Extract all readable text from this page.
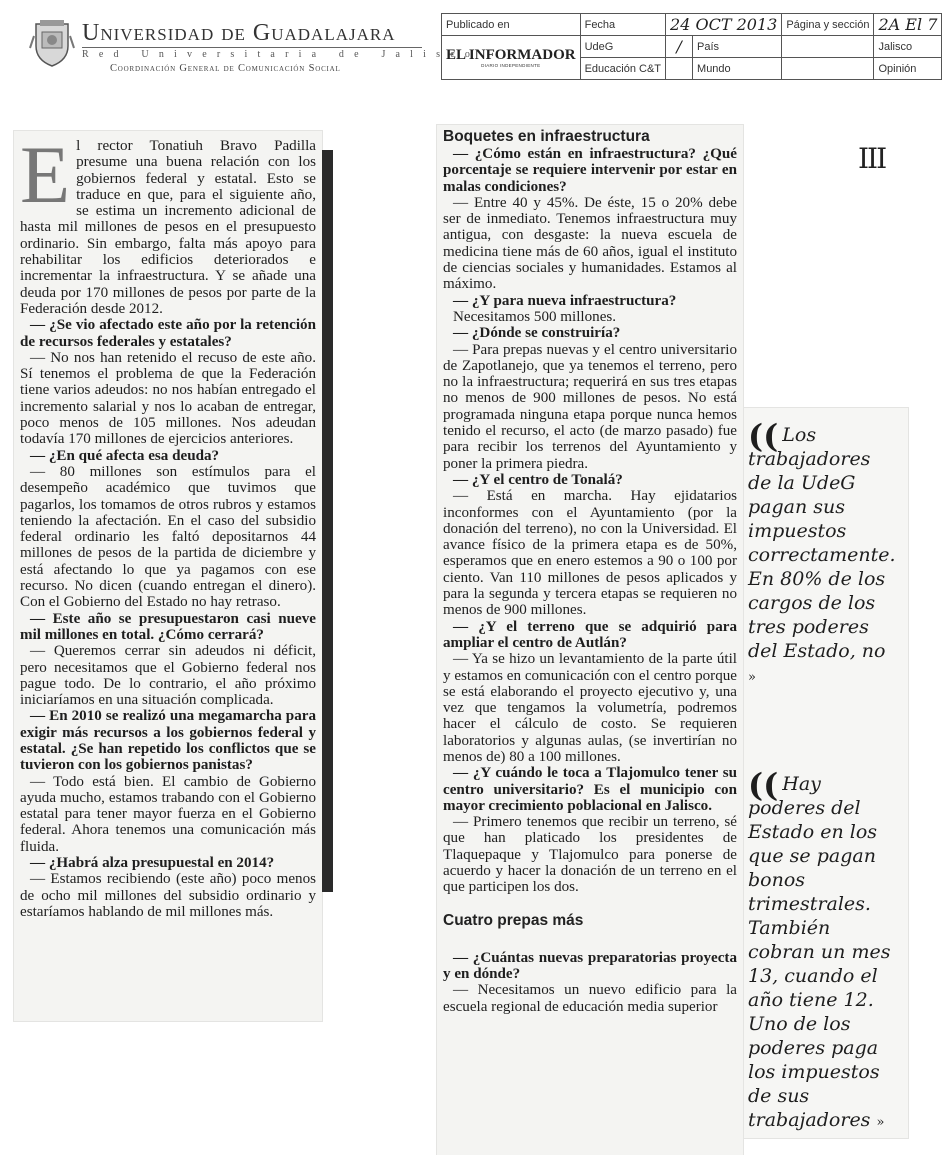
Universidad de Guadalajara
Red Universitaria de Jalisco
Coordinación General de Comunicación Social
Publicado en	Fecha	24 OCT 2013		Página y sección	2A El 7
EL INFORMADOR
DIARIO INDEPENDIENTE	UdeG	/	País		Jalisco
	Educación C&T		Mundo		Opinión
III
E l rector Tonatiuh Bravo Padilla presume una buena relación con los gobiernos federal y estatal. Esto se traduce en que, para el siguiente año, se estima un incremento adicional de hasta mil millones de pesos en el presupuesto ordinario. Sin embargo, falta más apoyo para rehabilitar los edificios deteriorados e incrementar la infraestructura. Y se añade una deuda por 170 millones de pesos por parte de la Federación desde 2012.

— ¿Se vio afectado este año por la retención de recursos federales y estatales?

— No nos han retenido el recuso de este año. Sí tenemos el problema de que la Federación tiene varios adeudos: no nos habían entregado el incremento salarial y nos lo acaban de entregar, poco menos de 105 millones. Nos adeudan todavía 170 millones de ejercicios anteriores.

— ¿En qué afecta esa deuda?

— 80 millones son estímulos para el desempeño académico que tuvimos que pagarlos, los tomamos de otros rubros y estamos teniendo la afectación. En el caso del subsidio federal ordinario les faltó depositarnos 44 millones de pesos de la partida de diciembre y está afectando lo que ya pagamos con ese recurso. No dicen (cuando entregan el dinero). Con el Gobierno del Estado no hay retraso.

— Este año se presupuestaron casi nueve mil millones en total. ¿Cómo cerrará?

— Queremos cerrar sin adeudos ni déficit, pero necesitamos que el Gobierno federal nos pague todo. De lo contrario, el año próximo iniciaríamos en una situación complicada.

— En 2010 se realizó una megamarcha para exigir más recursos a los gobiernos federal y estatal. ¿Se han repetido los conflictos que se tuvieron con los gobiernos panistas?

— Todo está bien. El cambio de Gobierno ayuda mucho, estamos trabando con el Gobierno estatal para tener mayor fuerza en el Gobierno federal. Ahora tenemos una comunicación más fluida.

— ¿Habrá alza presupuestal en 2014?

— Estamos recibiendo (este año) poco menos de ocho mil millones del subsidio ordinario y estaríamos hablando de mil millones más.

Boquetes en infraestructura

— ¿Cómo están en infraestructura? ¿Qué porcentaje se requiere intervenir por estar en malas condiciones?

— Entre 40 y 45%. De éste, 15 o 20% debe ser de inmediato. Tenemos infraestructura muy antigua, con desgaste: la nueva escuela de medicina tiene más de 60 años, igual el instituto de ciencias sociales y humanidades. Estamos al máximo.

— ¿Y para nueva infraestructura?

Necesitamos 500 millones.

— ¿Dónde se construiría?

— Para prepas nuevas y el centro universitario de Zapotlanejo, que ya tenemos el terreno, pero no la infraestructura; requerirá en sus tres etapas no menos de 900 millones de pesos. No está programada ninguna etapa porque nunca hemos tenido el recurso, el acto (de marzo pasado) fue para recibir los terrenos del Ayuntamiento y poner la primera piedra.

— ¿Y el centro de Tonalá?

— Está en marcha. Hay ejidatarios inconformes con el Ayuntamiento (por la donación del terreno), no con la Universidad. El avance físico de la primera etapa es de 50%, esperamos que en enero estemos a 90 o 100 por ciento. Van 110 millones de pesos aplicados y para la segunda y tercera etapas se requieren no menos de 900 millones.

— ¿Y el terreno que se adquirió para ampliar el centro de Autlán?

— Ya se hizo un levantamiento de la parte útil y estamos en comunicación con el centro porque se está elaborando el proyecto ejecutivo y, una vez que tengamos la volumetría, podremos hacer el cálculo de costo. Se requieren laboratorios y algunas aulas, (se invertirían no menos de) 80 a 100 millones.

— ¿Y cuándo le toca a Tlajomulco tener su centro universitario? Es el municipio con mayor crecimiento poblacional en Jalisco.

— Primero tenemos que recibir un terreno, sé que han platicado los presidentes de Tlaquepaque y Tlajomulco para ponerse de acuerdo y hacer la donación de un terreno en el que participen los dos.

Cuatro prepas más

— ¿Cuántas nuevas preparatorias proyecta y en dónde?

— Necesitamos un nuevo edificio para la escuela regional de educación media superior

(( Los trabajadores de la UdeG pagan sus impuestos correctamente. En 80% de los cargos de los tres poderes del Estado, no »
(( Hay poderes del Estado en los que se pagan bonos trimestrales. También cobran un mes 13, cuando el año tiene 12. Uno de los poderes paga los impuestos de sus trabajadores »
